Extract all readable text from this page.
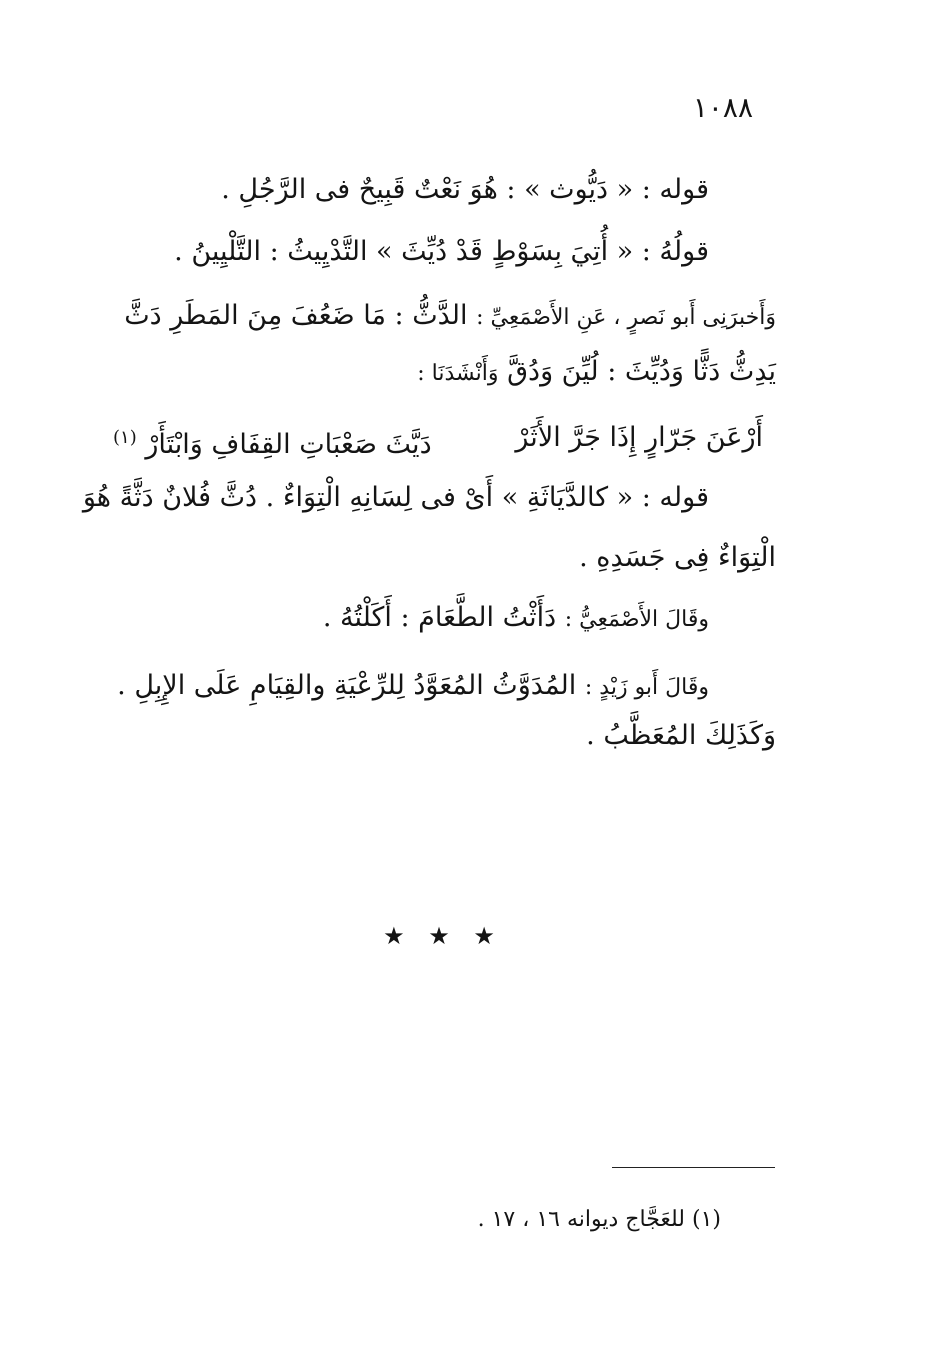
١٠٨٨
قوله : « دَيُّوث » : هُوَ نَعْتٌ قَبِيحٌ فى الرَّجُلِ .
قولُهُ : « أُتِيَ بِسَوْطٍ قَدْ دُيِّثَ » التَّدْيِيثُ : التَّلْيِينُ .
وَأَخبرَنِى أَبو نَصرٍ ، عَنِ الأَصْمَعِيِّ : الدَّثُّ : مَا ضَعُفَ مِنَ المَطَرِ دَثَّ
يَدِثُّ دَثًّا وَدُيِّثَ : لُيِّنَ وَدُقَّ وَأَنْشَدَنَا :
أَرْعَنَ جَرّارٍ إِذَا جَرَّ الأَثَرْ
دَيَّثَ صَعْبَاتِ القِفَافِ وَابْتَأَرْ $^{(١)}$
قوله : « كالدَّيَاثَةِ » أَىْ فى لِسَانِهِ الْتِوَاءٌ . دُثَّ فُلانٌ دَثَّةً هُوَ
الْتِوَاءٌ فِى جَسَدِهِ .
وقَالَ الأَصْمَعِيُّ : دَأَثْتُ الطَّعَامَ : أَكَلْتُهُ .
وقَالَ أَبو زَيْدٍ : المُدَوَّثُ المُعَوَّدُ لِلرِّعْيَةِ والقِيَامِ عَلَى الإِبِلِ .
وَكَذَلِكَ المُعَظَّبُ .
★ ★ ★
(١) للعَجَّاج ديوانه ١٦ ، ١٧ .
